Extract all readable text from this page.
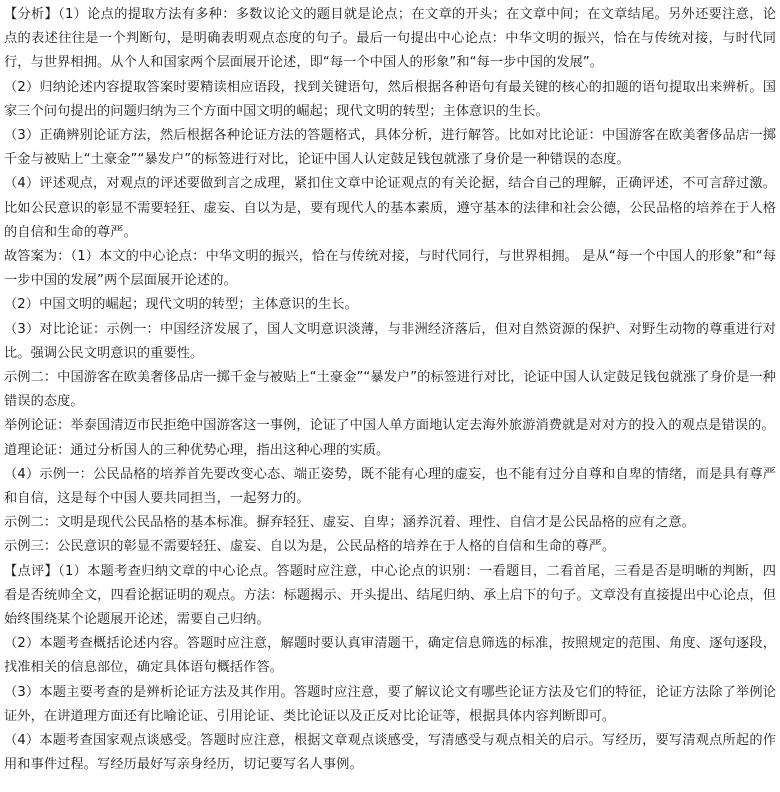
【分析】（1）论点的提取方法有多种：多数议论文的题目就是论点；在文章的开头；在文章中间；在文章结尾。另外还要注意，论点的表述往往是一个判断句，是明确表明观点态度的句子。最后一句提出中心论点：中华文明的振兴，恰在与传统对接，与时代同行，与世界相拥。从个人和国家两个层面展开论述，即“每一个中国人的形象”和“每一步中国的发展”。

（2）归纳论述内容提取答案时要精读相应语段，找到关键语句，然后根据各种语句有最关键的核心的扣题的语句提取出来辨析。国家三个问句提出的问题归纳为三个方面中国文明的崛起；现代文明的转型；主体意识的生长。

（3）正确辨别论证方法，然后根据各种论证方法的答题格式，具体分析，进行解答。比如对比论证：中国游客在欧美奢侈品店一掷千金与被贴上“土豪金”“暴发户”的标签进行对比，论证中国人认定鼓足钱包就涨了身价是一种错误的态度。

（4）评述观点，对观点的评述要做到言之成理，紧扣住文章中论证观点的有关论据，结合自己的理解，正确评述，不可言辞过激。比如公民意识的彰显不需要轻狂、虚妄、自以为是，要有现代人的基本素质，遵守基本的法律和社会公德，公民品格的培养在于人格的自信和生命的尊严。

故答案为：（1）本文的中心论点：中华文明的振兴，恰在与传统对接，与时代同行，与世界相拥。 是从“每一个中国人的形象”和“每一步中国的发展”两个层面展开论述的。

（2）中国文明的崛起；现代文明的转型；主体意识的生长。

（3）对比论证：示例一：中国经济发展了，国人文明意识淡薄，与非洲经济落后，但对自然资源的保护、对野生动物的尊重进行对比。强调公民文明意识的重要性。

示例二：中国游客在欧美奢侈品店一掷千金与被贴上“土豪金”“暴发户”的标签进行对比，论证中国人认定鼓足钱包就涨了身价是一种错误的态度。

举例论证：举泰国清迈市民拒绝中国游客这一事例，论证了中国人单方面地认定去海外旅游消费就是对对方的投入的观点是错误的。

道理论证：通过分析国人的三种优势心理，指出这种心理的实质。

（4）示例一：公民品格的培养首先要改变心态、端正姿势，既不能有心理的虚妄，也不能有过分自尊和自卑的情绪，而是具有尊严和自信，这是每个中国人要共同担当，一起努力的。

示例二：文明是现代公民品格的基本标准。摒弃轻狂、虚妄、自卑；涵养沉着、理性、自信才是公民品格的应有之意。

示例三：公民意识的彰显不需要轻狂、虚妄、自以为是，公民品格的培养在于人格的自信和生命的尊严。

【点评】（1）本题考查归纳文章的中心论点。答题时应注意，中心论点的识别：一看题目，二看首尾，三看是否是明晰的判断，四看是否统帅全文，四看论据证明的观点。方法：标题揭示、开头提出、结尾归纳、承上启下的句子。文章没有直接提出中心论点，但始终围绕某个论题展开论述，需要自己归纳。

（2）本题考查概括论述内容。答题时应注意，解题时要认真审清题干，确定信息筛选的标准，按照规定的范围、角度、逐句逐段，找准相关的信息部位，确定具体语句概括作答。

（3）本题主要考查的是辨析论证方法及其作用。答题时应注意，要了解议论文有哪些论证方法及它们的特征，论证方法除了举例论证外，在讲道理方面还有比喻论证、引用论证、类比论证以及正反对比论证等，根据具体内容判断即可。

（4）本题考查国家观点谈感受。答题时应注意，根据文章观点谈感受，写清感受与观点相关的启示。写经历，要写清观点所起的作用和事件过程。写经历最好写亲身经历，切记要写名人事例。
